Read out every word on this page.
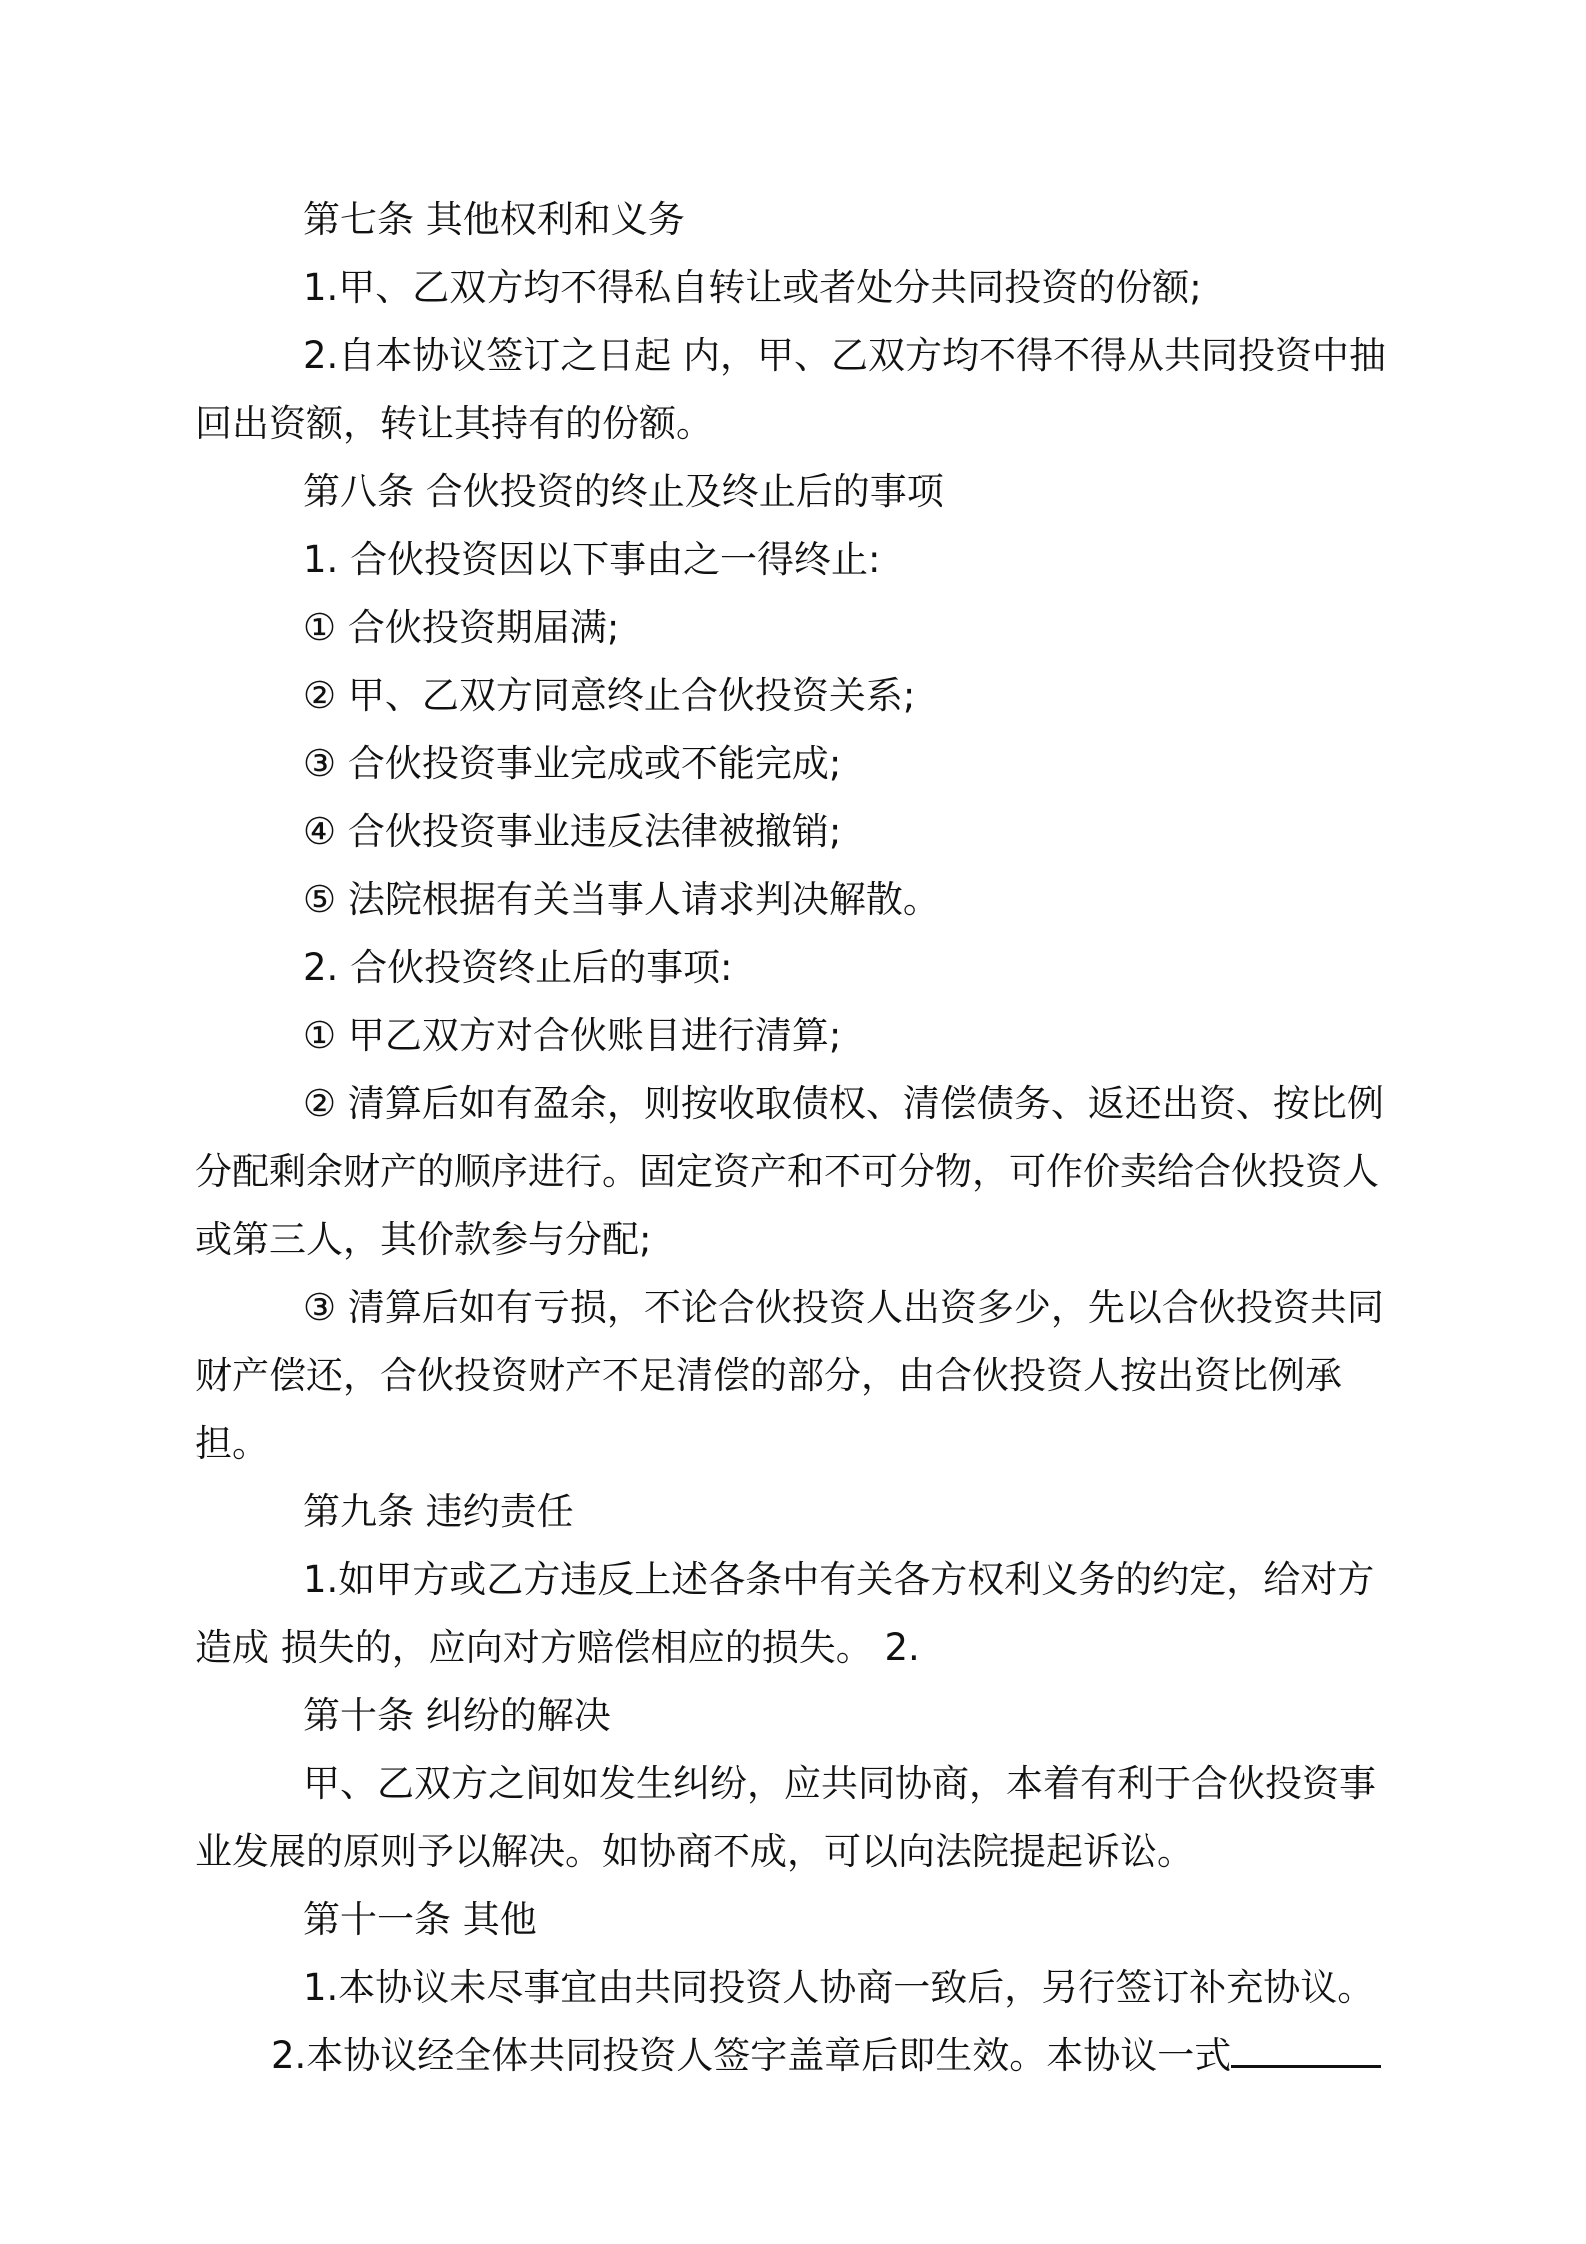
第七条 其他权利和义务

1.甲、乙双方均不得私自转让或者处分共同投资的份额;

2.自本协议签订之日起 内，甲、乙双方均不得不得从共同投资中抽回出资额，转让其持有的份额。

第八条 合伙投资的终止及终止后的事项

1. 合伙投资因以下事由之一得终止:

① 合伙投资期届满;

② 甲、乙双方同意终止合伙投资关系;

③ 合伙投资事业完成或不能完成;

④ 合伙投资事业违反法律被撤销;

⑤ 法院根据有关当事人请求判决解散。

2. 合伙投资终止后的事项:

① 甲乙双方对合伙账目进行清算;

② 清算后如有盈余，则按收取债权、清偿债务、返还出资、按比例分配剩余财产的顺序进行。固定资产和不可分物，可作价卖给合伙投资人或第三人，其价款参与分配;

③ 清算后如有亏损，不论合伙投资人出资多少，先以合伙投资共同财产偿还，合伙投资财产不足清偿的部分，由合伙投资人按出资比例承担。

第九条 违约责任

1.如甲方或乙方违反上述各条中有关各方权利义务的约定，给对方造成 损失的，应向对方赔偿相应的损失。 2.

第十条 纠纷的解决

甲、乙双方之间如发生纠纷，应共同协商，本着有利于合伙投资事业发展的原则予以解决。如协商不成，可以向法院提起诉讼。

第十一条 其他

1.本协议未尽事宜由共同投资人协商一致后，另行签订补充协议。

2.本协议经全体共同投资人签字盖章后即生效。本协议一式
